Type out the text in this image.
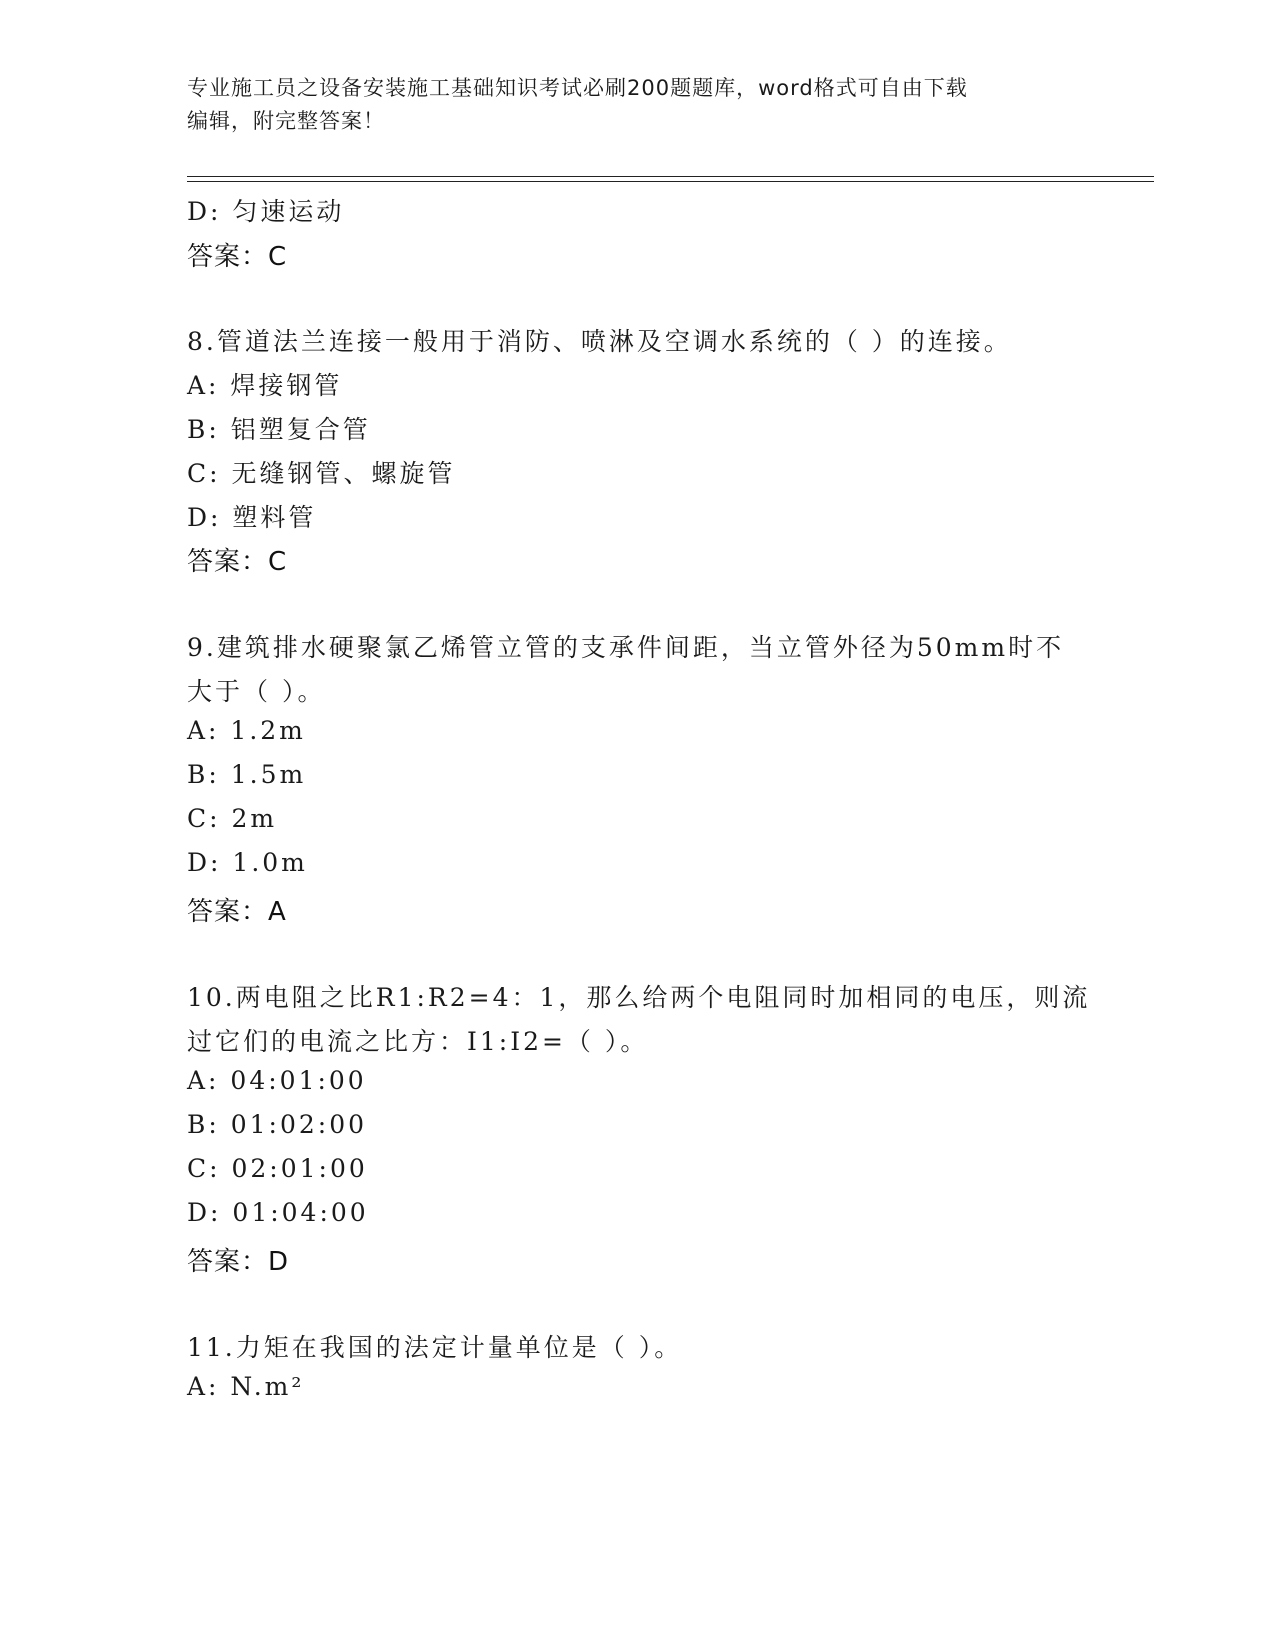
专业施工员之设备安装施工基础知识考试必刷200题题库，word格式可自由下载
编辑，附完整答案！
D: 匀速运动
答案：C
8.管道法兰连接一般用于消防、喷淋及空调水系统的（ ）的连接。
A: 焊接钢管
B: 铝塑复合管
C: 无缝钢管、螺旋管
D: 塑料管
答案：C
9.建筑排水硬聚氯乙烯管立管的支承件间距，当立管外径为50mm时不
大于（ ）。
A: 1.2m
B: 1.5m
C: 2m
D: 1.0m
答案：A
10.两电阻之比R1:R2=4：1，那么给两个电阻同时加相同的电压，则流
过它们的电流之比方：I1:I2=（ ）。
A: 04:01:00
B: 01:02:00
C: 02:01:00
D: 01:04:00
答案：D
11.力矩在我国的法定计量单位是（ ）。
A: N.m²
